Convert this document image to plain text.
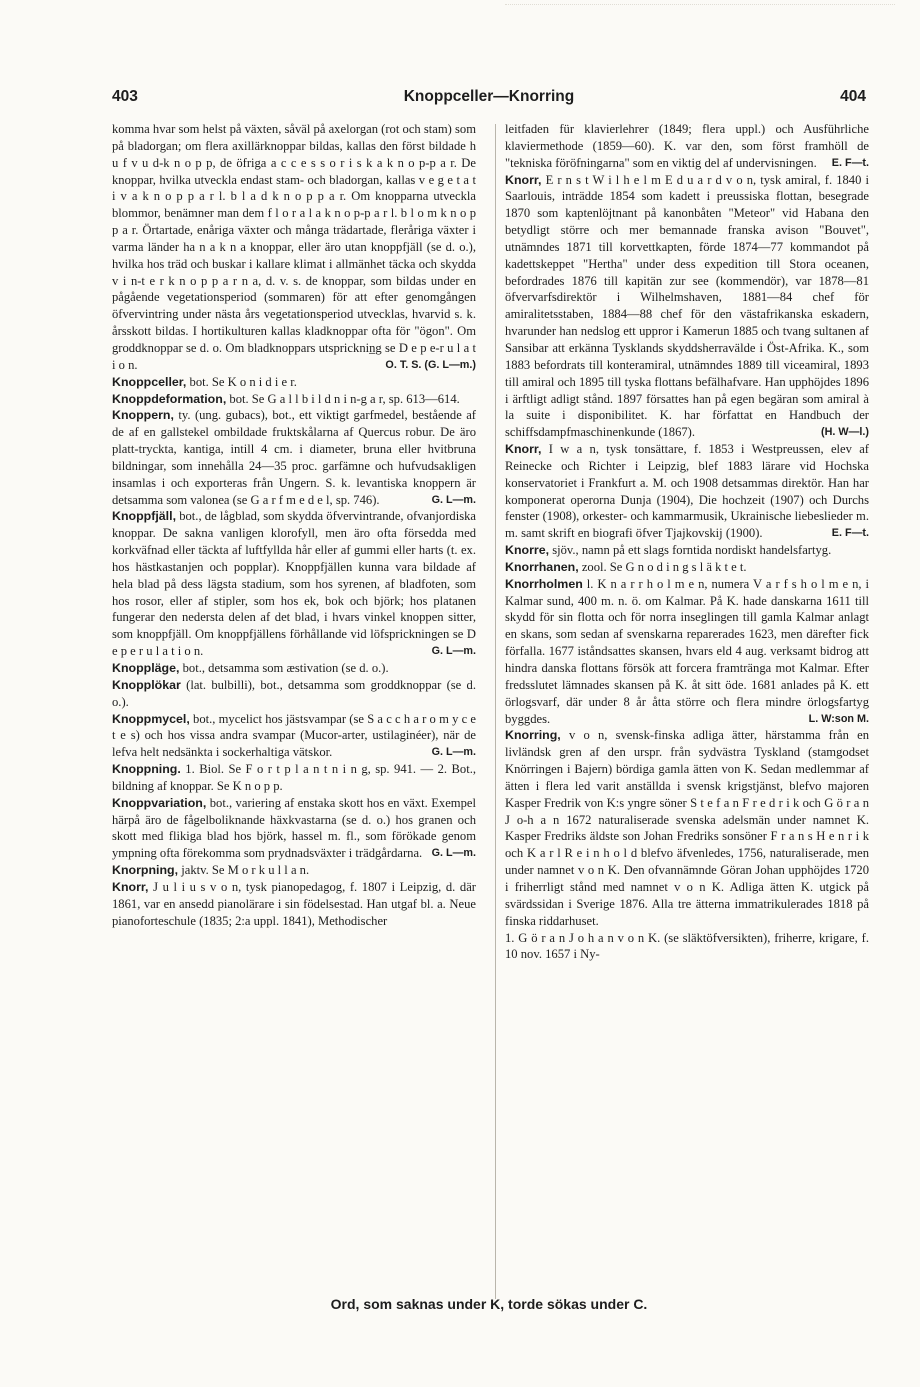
403	Knoppceller—Knorring	404

komma hvar som helst på växten, såväl på axelorgan (rot och stam) som på bladorgan; om flera axillärknoppar bildas, kallas den först bildade h u f v u d-k n o p p, de öfriga a c c e s s o r i s k a k n o p-p a r. De knoppar, hvilka utveckla endast stam- och bladorgan, kallas v e g e t a t i v a k n o p p a r l. b l a d k n o p p a r. Om knopparna utveckla blommor, benämner man dem f l o r a l a k n o p-p a r l. b l o m k n o p p a r. Örtartade, enåriga växter och många trädartade, fleråriga växter i varma länder ha n a k n a knoppar, eller äro utan knoppfjäll (se d. o.), hvilka hos träd och buskar i kallare klimat i allmänhet täcka och skydda v i n-t e r k n o p p a r n a, d. v. s. de knoppar, som bildas under en pågående vegetationsperiod (sommaren) för att efter genomgången öfvervintring under nästa års vegetationsperiod utvecklas, hvarvid s. k. årsskott bildas. I hortikulturen kallas kladknoppar ofta för "ögon". Om groddknoppar se d. o. Om bladknoppars utspricknin̲g se D e p e-r u l a t i o n.	O. T. S. (G. L—m.)

Knoppceller, bot. Se K o n i d i e r.

Knoppdeformation, bot. Se G a l l b i l d n i n-g a r, sp. 613—614.

Knoppern, ty. (ung. gubacs), bot., ett viktigt garfmedel, bestående af de af en gallstekel ombildade fruktskålarna af Quercus robur. De äro platt-tryckta, kantiga, intill 4 cm. i diameter, bruna eller hvitbruna bildningar, som innehålla 24—35 proc. garfämne och hufvudsakligen insamlas i och exporteras från Ungern. S. k. levantiska knoppern är detsamma som valonea (se G a r f m e d e l, sp. 746).	G. L—m.

Knoppfjäll, bot., de lågblad, som skydda öfvervintrande, ofvanjordiska knoppar. De sakna vanligen klorofyll, men äro ofta försedda med korkväfnad eller täckta af luftfyllda hår eller af gummi eller harts (t. ex. hos hästkastanjen och popplar). Knoppfjällen kunna vara bildade af hela blad på dess lägsta stadium, som hos syrenen, af bladfoten, som hos rosor, eller af stipler, som hos ek, bok och björk; hos platanen fungerar den nedersta delen af det blad, i hvars vinkel knoppen sitter, som knoppfjäll. Om knoppfjällens förhållande vid löfsprickningen se D e p e r u l a t i o n.	G. L—m.

Knoppläge, bot., detsamma som æstivation (se d. o.).

Knopplökar (lat. bulbilli), bot., detsamma som groddknoppar (se d. o.).

Knoppmycel, bot., mycelict hos jästsvampar (se S a c c h a r o m y c e t e s) och hos vissa andra svampar (Mucor-arter, ustilaginéer), när de lefva helt nedsänkta i sockerhaltiga vätskor.	G. L—m.

Knoppning. 1. Biol. Se F o r t p l a n t n i n g, sp. 941. — 2. Bot., bildning af knoppar. Se K n o p p.

Knoppvariation, bot., variering af enstaka skott hos en växt. Exempel härpå äro de fågelboliknande häxkvastarna (se d. o.) hos granen och skott med flikiga blad hos björk, hassel m. fl., som förökade genom ympning ofta förekomma som prydnadsväxter i trädgårdarna. G. L—m.

Knorpning, jaktv. Se M o r k u l l a n.

Knorr, J u l i u s v o n, tysk pianopedagog, f. 1807 i Leipzig, d. där 1861, var en ansedd pianolärare i sin födelsestad. Han utgaf bl. a. Neue pianoforteschule (1835; 2:a uppl. 1841), Methodischer

leitfaden für klavierlehrer (1849; flera uppl.) och Ausführliche klaviermethode (1859—60). K. var den, som först framhöll de "tekniska föröfningarna" som en viktig del af undervisningen. E. F—t.

Knorr, E r n s t W i l h e l m E d u a r d v o n, tysk amiral, f. 1840 i Saarlouis, inträdde 1854 som kadett i preussiska flottan, besegrade 1870 som kaptenlöjtnant på kanonbåten "Meteor" vid Habana den betydligt större och mer bemannade franska avison "Bouvet", utnämndes 1871 till korvettkapten, förde 1874—77 kommandot på kadettskeppet "Hertha" under dess expedition till Stora oceanen, befordrades 1876 till kapitän zur see (kommendör), var 1878—81 öfvervarfsdirektör i Wilhelmshaven, 1881—84 chef för amiralitetsstaben, 1884—88 chef för den västafrikanska eskadern, hvarunder han nedslog ett uppror i Kamerun 1885 och tvang sultanen af Sansibar att erkänna Tysklands skyddsherravälde i Öst-Afrika. K., som 1883 befordrats till konteramiral, utnämndes 1889 till viceamiral, 1893 till amiral och 1895 till tyska flottans befälhafvare. Han upphöjdes 1896 i ärftligt adligt stånd. 1897 försattes han på egen begäran som amiral à la suite i disponibilitet. K. har författat en Handbuch der schiffsdampfmaschinenkunde (1867).	(H. W—l.)

Knorr, I w a n, tysk tonsättare, f. 1853 i Westpreussen, elev af Reinecke och Richter i Leipzig, blef 1883 lärare vid Hochska konservatoriet i Frankfurt a. M. och 1908 detsammas direktör. Han har komponerat operorna Dunja (1904), Die hochzeit (1907) och Durchs fenster (1908), orkester- och kammarmusik, Ukrainische liebeslieder m. m. samt skrift en biografi öfver Tjajkovskij (1900).	E. F—t.

Knorre, sjöv., namn på ett slags forntida nordiskt handelsfartyg.

Knorrhanen, zool. Se G n o d i n g s l ä k t e t.

Knorrholmen l. K n a r r h o l m e n, numera V a r f s h o l m e n, i Kalmar sund, 400 m. n. ö. om Kalmar. På K. hade danskarna 1611 till skydd för sin flotta och för norra inseglingen till gamla Kalmar anlagt en skans, som sedan af svenskarna reparerades 1623, men därefter fick förfalla. 1677 iståndsattes skansen, hvars eld 4 aug. verksamt bidrog att hindra danska flottans försök att forcera framträngа mot Kalmar. Efter fredsslutet lämnades skansen på K. åt sitt öde. 1681 anlades på K. ett örlogsvarf, där under 8 år åtta större och flera mindre örlogsfartyg byggdes.	L. W:son M.

Knorring, v o n, svensk-finska adliga ätter, härstamma från en livländsk gren af den urspr. från sydvästra Tyskland (stamgodset Knörringen i Bajern) bördiga gamla ätten von K. Sedan medlemmar af ätten i flera led varit anställda i svensk krigstjänst, blefvo majoren Kasper Fredrik von K:s yngre söner S t e f a n F r e d r i k och G ö r a n J o-h a n 1672 naturaliserade svenska adelsmän under namnet K. Kasper Fredriks äldste son Johan Fredriks sonsöner F r a n s H e n r i k och K a r l R e i n h o l d blefvo äfvenledes, 1756, naturaliserade, men under namnet v o n K. Den ofvannämnde Göran Johan upphöjdes 1720 i friherrligt stånd med namnet v o n K. Adliga ätten K. utgick på svärdssidan i Sverige 1876. Alla tre ätterna immatrikulerades 1818 på finska riddarhuset.

1. G ö r a n J o h a n v o n K. (se släktöfversikten), friherre, krigare, f. 10 nov. 1657 i Ny-

Ord, som saknas under K, torde sökas under C.
